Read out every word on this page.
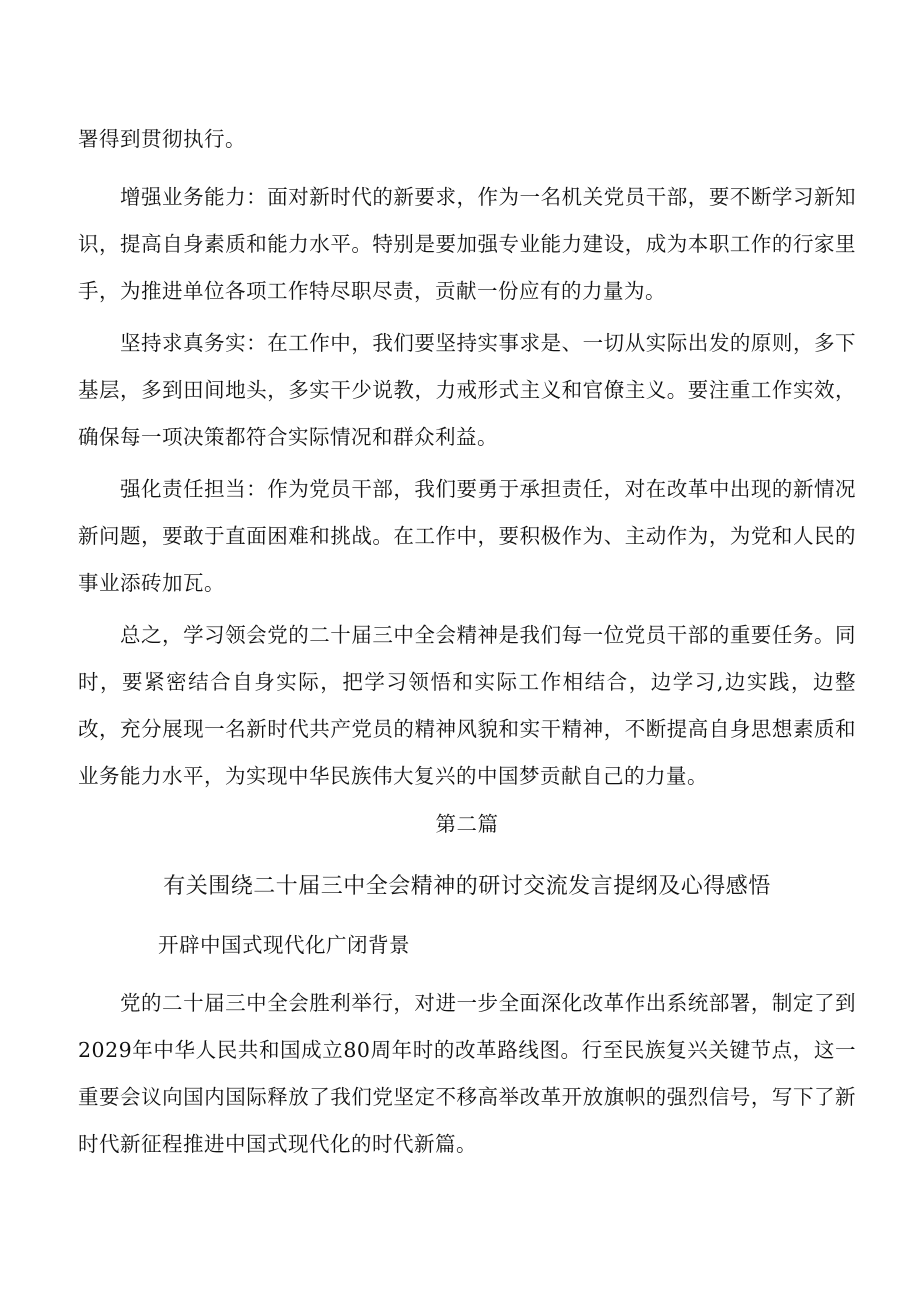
署得到贯彻执行。

增强业务能力：面对新时代的新要求，作为一名机关党员干部，要不断学习新知识，提高自身素质和能力水平。特别是要加强专业能力建设，成为本职工作的行家里手，为推进单位各项工作特尽职尽责，贡献一份应有的力量为。

坚持求真务实：在工作中，我们要坚持实事求是、一切从实际出发的原则，多下基层，多到田间地头，多实干少说教，力戒形式主义和官僚主义。要注重工作实效，确保每一项决策都符合实际情况和群众利益。

强化责任担当：作为党员干部，我们要勇于承担责任，对在改革中出现的新情况新问题，要敢于直面困难和挑战。在工作中，要积极作为、主动作为，为党和人民的事业添砖加瓦。

总之，学习领会党的二十届三中全会精神是我们每一位党员干部的重要任务。同时，要紧密结合自身实际，把学习领悟和实际工作相结合，边学习,边实践，边整改，充分展现一名新时代共产党员的精神风貌和实干精神，不断提高自身思想素质和业务能力水平，为实现中华民族伟大复兴的中国梦贡献自己的力量。

第二篇

有关围绕二十届三中全会精神的研讨交流发言提纲及心得感悟

开辟中国式现代化广闭背景

党的二十届三中全会胜利举行，对进一步全面深化改革作出系统部署，制定了到2029年中华人民共和国成立80周年时的改革路线图。行至民族复兴关键节点，这一重要会议向国内国际释放了我们党坚定不移高举改革开放旗帜的强烈信号，写下了新时代新征程推进中国式现代化的时代新篇。
